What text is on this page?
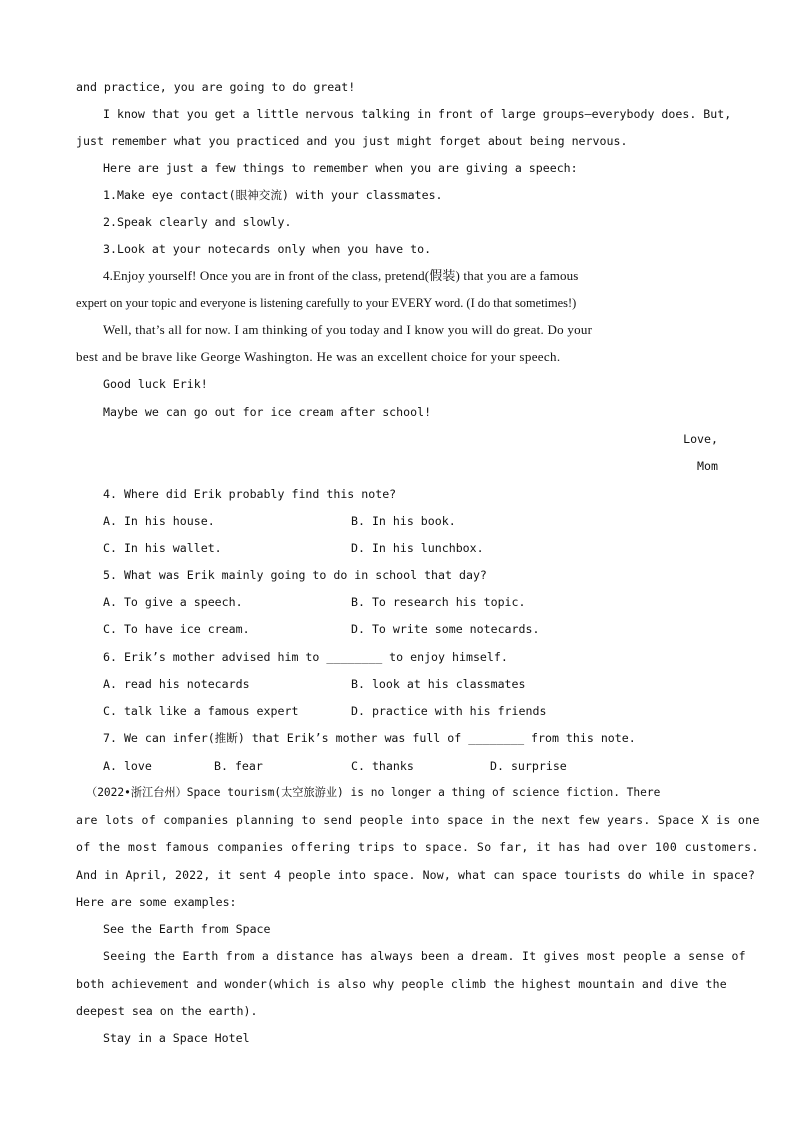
and practice, you are going to do great!
I know that you get a little nervous talking in front of large groups—everybody does. But,
just remember what you practiced and you just might forget about being nervous.
Here are just a few things to remember when you are giving a speech:
1.Make eye contact(眼神交流) with your classmates.
2.Speak clearly and slowly.
3.Look at your notecards only when you have to.
4.Enjoy yourself! Once you are in front of the class, pretend(假装) that you are a famous
expert on your topic and everyone is listening carefully to your EVERY word. (I do that sometimes!)
Well, that’s all for now. I am thinking of you today and I know you will do great. Do your
best and be brave like George Washington. He was an excellent choice for your speech.
Good luck Erik!
Maybe we can go out for ice cream after school!
Love,
Mom
4. Where did Erik probably find this note?
A. In his house.	B. In his book.
C. In his wallet.	D. In his lunchbox.
5. What was Erik mainly going to do in school that day?
A. To give a speech.	B. To research his topic.
C. To have ice cream.	D. To write some notecards.
6. Erik’s mother advised him to ________ to enjoy himself.
A. read his notecards	B. look at his classmates
C. talk like a famous expert	D. practice with his friends
7. We can infer(推断) that Erik’s mother was full of ________ from this note.
A. love	B. fear	C. thanks	D. surprise
（2022•浙江台州）Space tourism(太空旅游业) is no longer a thing of science fiction. There
are lots of companies planning to send people into space in the next few years. Space X is one
of the most famous companies offering trips to space. So far, it has had over 100 customers.
And in April, 2022, it sent 4 people into space. Now, what can space tourists do while in space?
Here are some examples:
See the Earth from Space
Seeing the Earth from a distance has always been a dream. It gives most people a sense of
both achievement and wonder(which is also why people climb the highest mountain and dive the
deepest sea on the earth).
Stay in a Space Hotel
